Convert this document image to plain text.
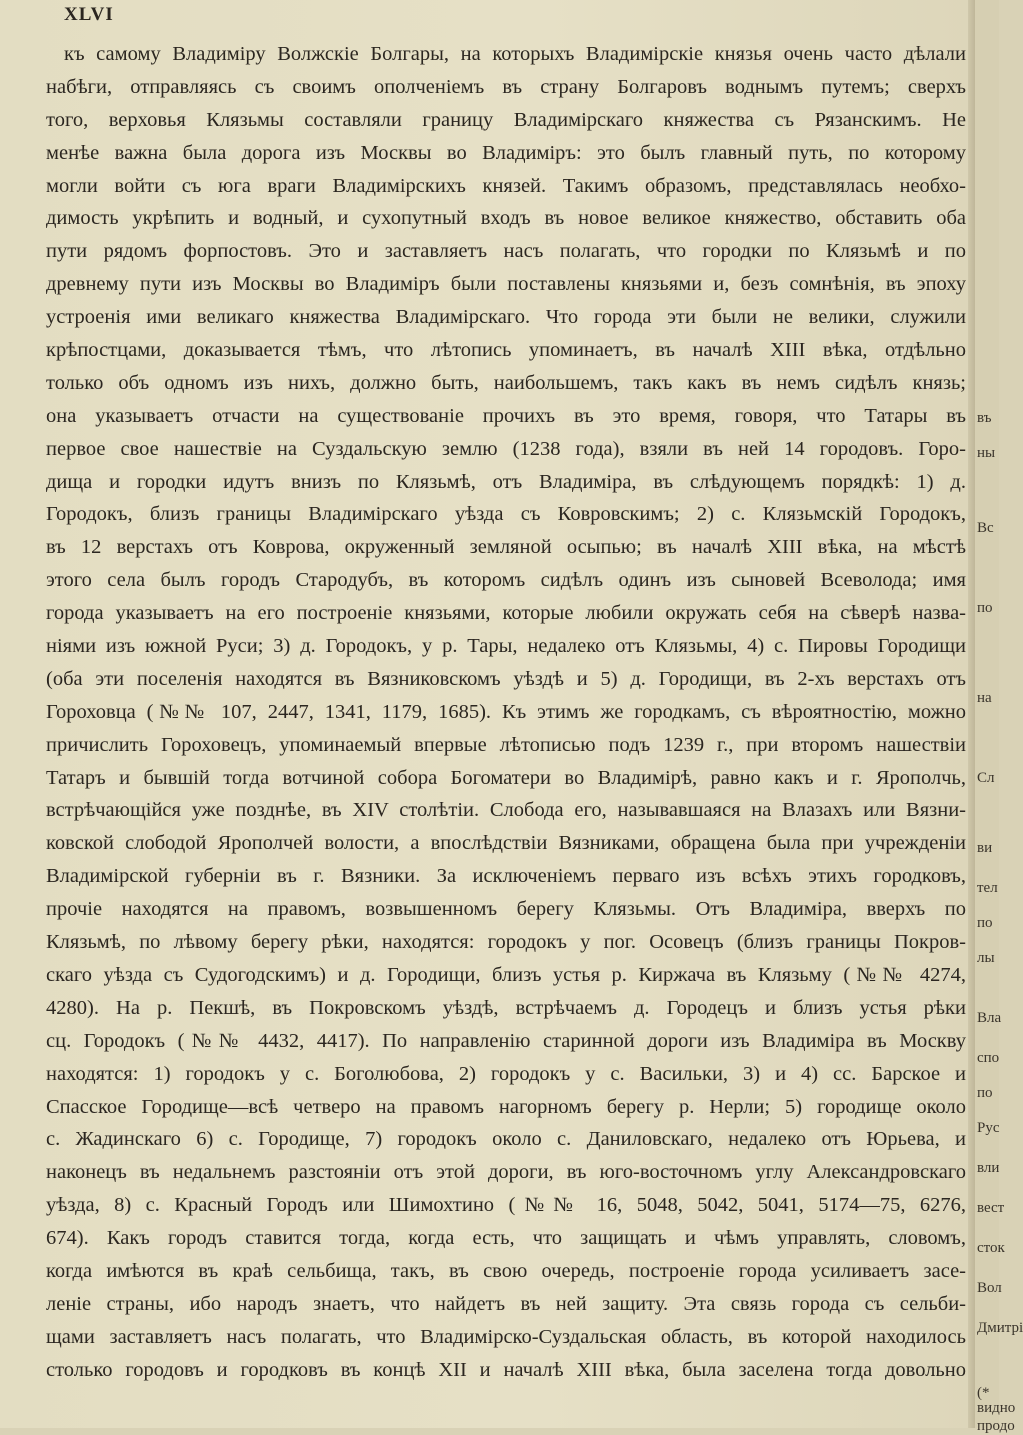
XLVI
къ самому Владиміру Волжскіе Болгары, на которыхъ Владимірскіе князья очень часто дѣлали
набѣги, отправляясь съ своимъ ополченіемъ въ страну Болгаровъ воднымъ путемъ; сверхъ
того, верховья Клязьмы составляли границу Владимірскаго княжества съ Рязанскимъ. Не
менѣе важна была дорога изъ Москвы во Владиміръ: это былъ главный путь, по которому
могли войти съ юга враги Владимірскихъ князей. Такимъ образомъ, представлялась необхо-
димость укрѣпить и водный, и сухопутный входъ въ новое великое княжество, обставить оба
пути рядомъ форпостовъ. Это и заставляетъ насъ полагать, что городки по Клязьмѣ и по
древнему пути изъ Москвы во Владиміръ были поставлены князьями и, безъ сомнѣнія, въ эпоху
устроенія ими великаго княжества Владимірскаго. Что города эти были не велики, служили
крѣпостцами, доказывается тѣмъ, что лѣтопись упоминаетъ, въ началѣ XIII вѣка, отдѣльно
только объ одномъ изъ нихъ, должно быть, наибольшемъ, такъ какъ въ немъ сидѣлъ князь;
она указываетъ отчасти на существованіе прочихъ въ это время, говоря, что Татары въ
первое свое нашествіе на Суздальскую землю (1238 года), взяли въ ней 14 городовъ. Горо-
дища и городки идутъ внизъ по Клязьмѣ, отъ Владиміра, въ слѣдующемъ порядкѣ: 1) д.
Городокъ, близъ границы Владимірскаго уѣзда съ Ковровскимъ; 2) с. Клязьмскій Городокъ,
въ 12 верстахъ отъ Коврова, окруженный земляной осыпью; въ началѣ XIII вѣка, на мѣстѣ
этого села былъ городъ Стародубъ, въ которомъ сидѣлъ одинъ изъ сыновей Всеволода; имя
города указываетъ на его построеніе князьями, которые любили окружать себя на сѣверѣ назва-
ніями изъ южной Руси; 3) д. Городокъ, у р. Тары, недалеко отъ Клязьмы, 4) с. Пировы Городищи
(оба эти поселенія находятся въ Вязниковскомъ уѣздѣ и 5) д. Городищи, въ 2-хъ верстахъ отъ
Гороховца (№№ 107, 2447, 1341, 1179, 1685). Къ этимъ же городкамъ, съ вѣроятностію, можно
причислить Гороховецъ, упоминаемый впервые лѣтописью подъ 1239 г., при второмъ нашествіи
Татаръ и бывшій тогда вотчиной собора Богоматери во Владимірѣ, равно какъ и г. Ярополчь,
встрѣчающійся уже позднѣе, въ XIV столѣтіи. Слобода его, называвшаяся на Влазахъ или Вязни-
ковской слободой Ярополчей волости, а впослѣдствіи Вязниками, обращена была при учрежденіи
Владимірской губерніи въ г. Вязники. За исключеніемъ перваго изъ всѣхъ этихъ городковъ,
прочіе находятся на правомъ, возвышенномъ берегу Клязьмы. Отъ Владиміра, вверхъ по
Клязьмѣ, по лѣвому берегу рѣки, находятся: городокъ у пог. Осовецъ (близъ границы Покров-
скаго уѣзда съ Судогодскимъ) и д. Городищи, близъ устья р. Киржача въ Клязьму (№№ 4274,
4280). На р. Пекшѣ, въ Покровскомъ уѣздѣ, встрѣчаемъ д. Городецъ и близъ устья рѣки
сц. Городокъ (№№ 4432, 4417). По направленію старинной дороги изъ Владиміра въ Москву
находятся: 1) городокъ у с. Боголюбова, 2) городокъ у с. Васильки, 3) и 4) сс. Барское и
Спасское Городище—всѣ четверо на правомъ нагорномъ берегу р. Нерли; 5) городище около
с. Жадинскаго 6) с. Городище, 7) городокъ около с. Даниловскаго, недалеко отъ Юрьева, и
наконецъ въ недальнемъ разстояніи отъ этой дороги, въ юго-восточномъ углу Александровскаго
уѣзда, 8) с. Красный Городъ или Шимохтино (№№ 16, 5048, 5042, 5041, 5174—75, 6276,
674). Какъ городъ ставится тогда, когда есть, что защищать и чѣмъ управлять, словомъ,
когда имѣются въ краѣ сельбища, такъ, въ свою очередь, построеніе города усиливаетъ засе-
леніе страны, ибо народъ знаетъ, что найдетъ въ ней защиту. Эта связь города съ сельби-
щами заставляетъ насъ полагать, что Владимірско-Суздальская область, въ которой находилось
столько городовъ и городковъ въ концѣ XII и началѣ XIII вѣка, была заселена тогда довольно
въ
ны
Вс
по
на
Сл
ви
тел
по
лы
Вла
спо
по
Рус
вли
вест
сток
Вол
Дмитрі
(*
видно
продо
